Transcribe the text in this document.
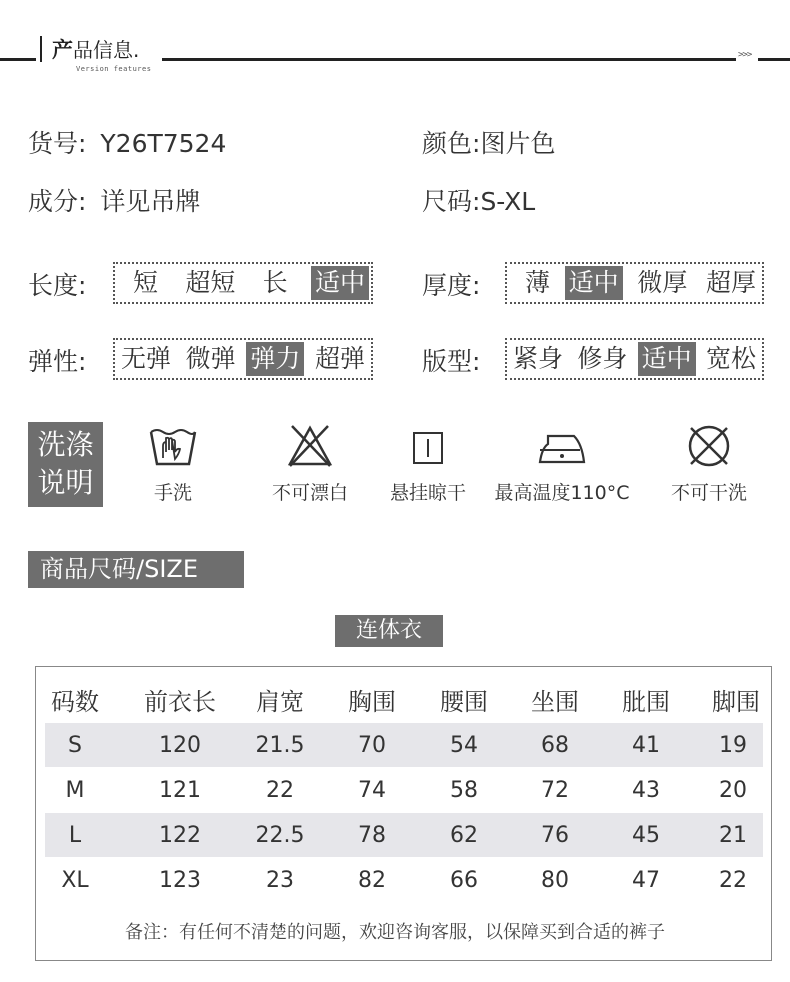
产品信息.
Version features
>>>
货号: Y26T7524	颜色:图片色
成分: 详见吊牌	尺码:S-XL
长度: 短 超短 长 适中 厚度: 薄 适中 微厚 超厚
弹性: 无弹 微弹 弹力 超弹 版型: 紧身 修身 适中 宽松
洗涤
说明	手洗	不可漂白	悬挂晾干	最高温度110°C	不可干洗
商品尺码/SIZE
连体衣
码数	前衣长	肩宽	胸围	腰围	坐围	肶围	脚围
S	120	21.5	70	54	68	41	19
M	121	22	74	58	72	43	20
L	122	22.5	78	62	76	45	21
XL	123	23	82	66	80	47	22
备注：有任何不清楚的问题，欢迎咨询客服，以保障买到合适的裤子
